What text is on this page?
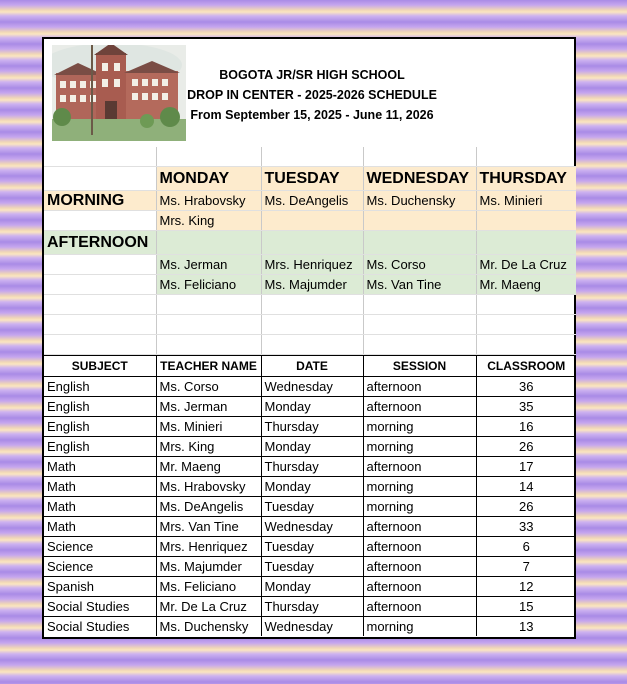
BOGOTA JR/SR HIGH SCHOOL
DROP IN CENTER - 2025-2026 SCHEDULE
From September 15, 2025 - June 11, 2026

	MONDAY	TUESDAY	WEDNESDAY	THURSDAY
MORNING	Ms. Hrabovsky	Ms. DeAngelis	Ms. Duchensky	Ms. Minieri
	Mrs. King			
AFTERNOON				
	Ms. Jerman	Mrs. Henriquez	Ms. Corso	Mr. De La Cruz
	Ms. Feliciano	Ms. Majumder	Ms. Van Tine	Mr. Maeng

SUBJECT	TEACHER NAME	DATE	SESSION	CLASSROOM
English	Ms. Corso	Wednesday	afternoon	36
English	Ms. Jerman	Monday	afternoon	35
English	Ms. Minieri	Thursday	morning	16
English	Mrs. King	Monday	morning	26
Math	Mr. Maeng	Thursday	afternoon	17
Math	Ms. Hrabovsky	Monday	morning	14
Math	Ms. DeAngelis	Tuesday	morning	26
Math	Mrs. Van Tine	Wednesday	afternoon	33
Science	Mrs. Henriquez	Tuesday	afternoon	6
Science	Ms. Majumder	Tuesday	afternoon	7
Spanish	Ms. Feliciano	Monday	afternoon	12
Social Studies	Mr. De La Cruz	Thursday	afternoon	15
Social Studies	Ms. Duchensky	Wednesday	morning	13
